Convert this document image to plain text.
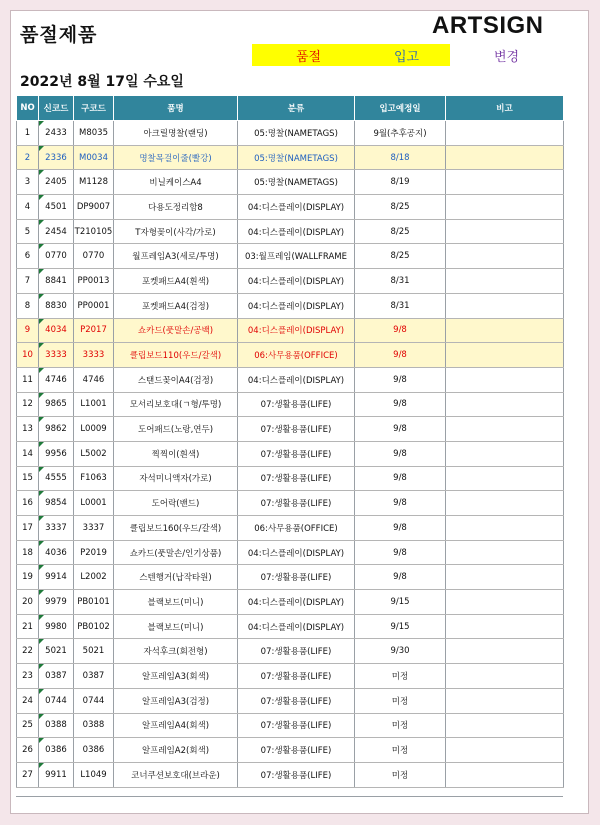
품절제품	ARTSIGN
품절	입고	변경
2022년 8월 17일 수요일
NO	신코드	구코드	품명	분류	입고예정일	비고
1	2433	M8035	아크릴명찰(랜딩)	05:명찰(NAMETAGS)	9월(추후공지)	
2	2336	M0034	명찰목걸이줄(빨강)	05:명찰(NAMETAGS)	8/18	
3	2405	M1128	비닐케이스A4	05:명찰(NAMETAGS)	8/19	
4	4501	DP9007	다용도정리함8	04:디스플레이(DISPLAY)	8/25	
5	2454	T210105	T자형꽂이(사각/가로)	04:디스플레이(DISPLAY)	8/25	
6	0770	0770	월프레임A3(세로/투명)	03:월프레임(WALLFRAME	8/25	
7	8841	PP0013	포켓패드A4(흰색)	04:디스플레이(DISPLAY)	8/31	
8	8830	PP0001	포켓패드A4(검정)	04:디스플레이(DISPLAY)	8/31	
9	4034	P2017	쇼카드(풋말손/공백)	04:디스플레이(DISPLAY)	9/8	
10	3333	3333	클립보드110(우드/갈색)	06:사무용품(OFFICE)	9/8	
11	4746	4746	스탠드꽂이A4(검정)	04:디스플레이(DISPLAY)	9/8	
12	9865	L1001	모서리보호대(ㄱ형/투명)	07:생활용품(LIFE)	9/8	
13	9862	L0009	도어패드(노랑,연두)	07:생활용품(LIFE)	9/8	
14	9956	L5002	찍찍이(흰색)	07:생활용품(LIFE)	9/8	
15	4555	F1063	자석미니액자(가로)	07:생활용품(LIFE)	9/8	
16	9854	L0001	도어락(밴드)	07:생활용품(LIFE)	9/8	
17	3337	3337	클립보드160(우드/갈색)	06:사무용품(OFFICE)	9/8	
18	4036	P2019	쇼카드(풋말손/인기상품)	04:디스플레이(DISPLAY)	9/8	
19	9914	L2002	스텐행거(납작타원)	07:생활용품(LIFE)	9/8	
20	9979	PB0101	블랙보드(미니)	04:디스플레이(DISPLAY)	9/15	
21	9980	PB0102	블랙보드(미니)	04:디스플레이(DISPLAY)	9/15	
22	5021	5021	자석후크(회전형)	07:생활용품(LIFE)	9/30	
23	0387	0387	알프레임A3(회색)	07:생활용품(LIFE)	미정	
24	0744	0744	알프레임A3(검정)	07:생활용품(LIFE)	미정	
25	0388	0388	알프레임A4(회색)	07:생활용품(LIFE)	미정	
26	0386	0386	알프레임A2(회색)	07:생활용품(LIFE)	미정	
27	9911	L1049	코너쿠션보호대(브라운)	07:생활용품(LIFE)	미정	
